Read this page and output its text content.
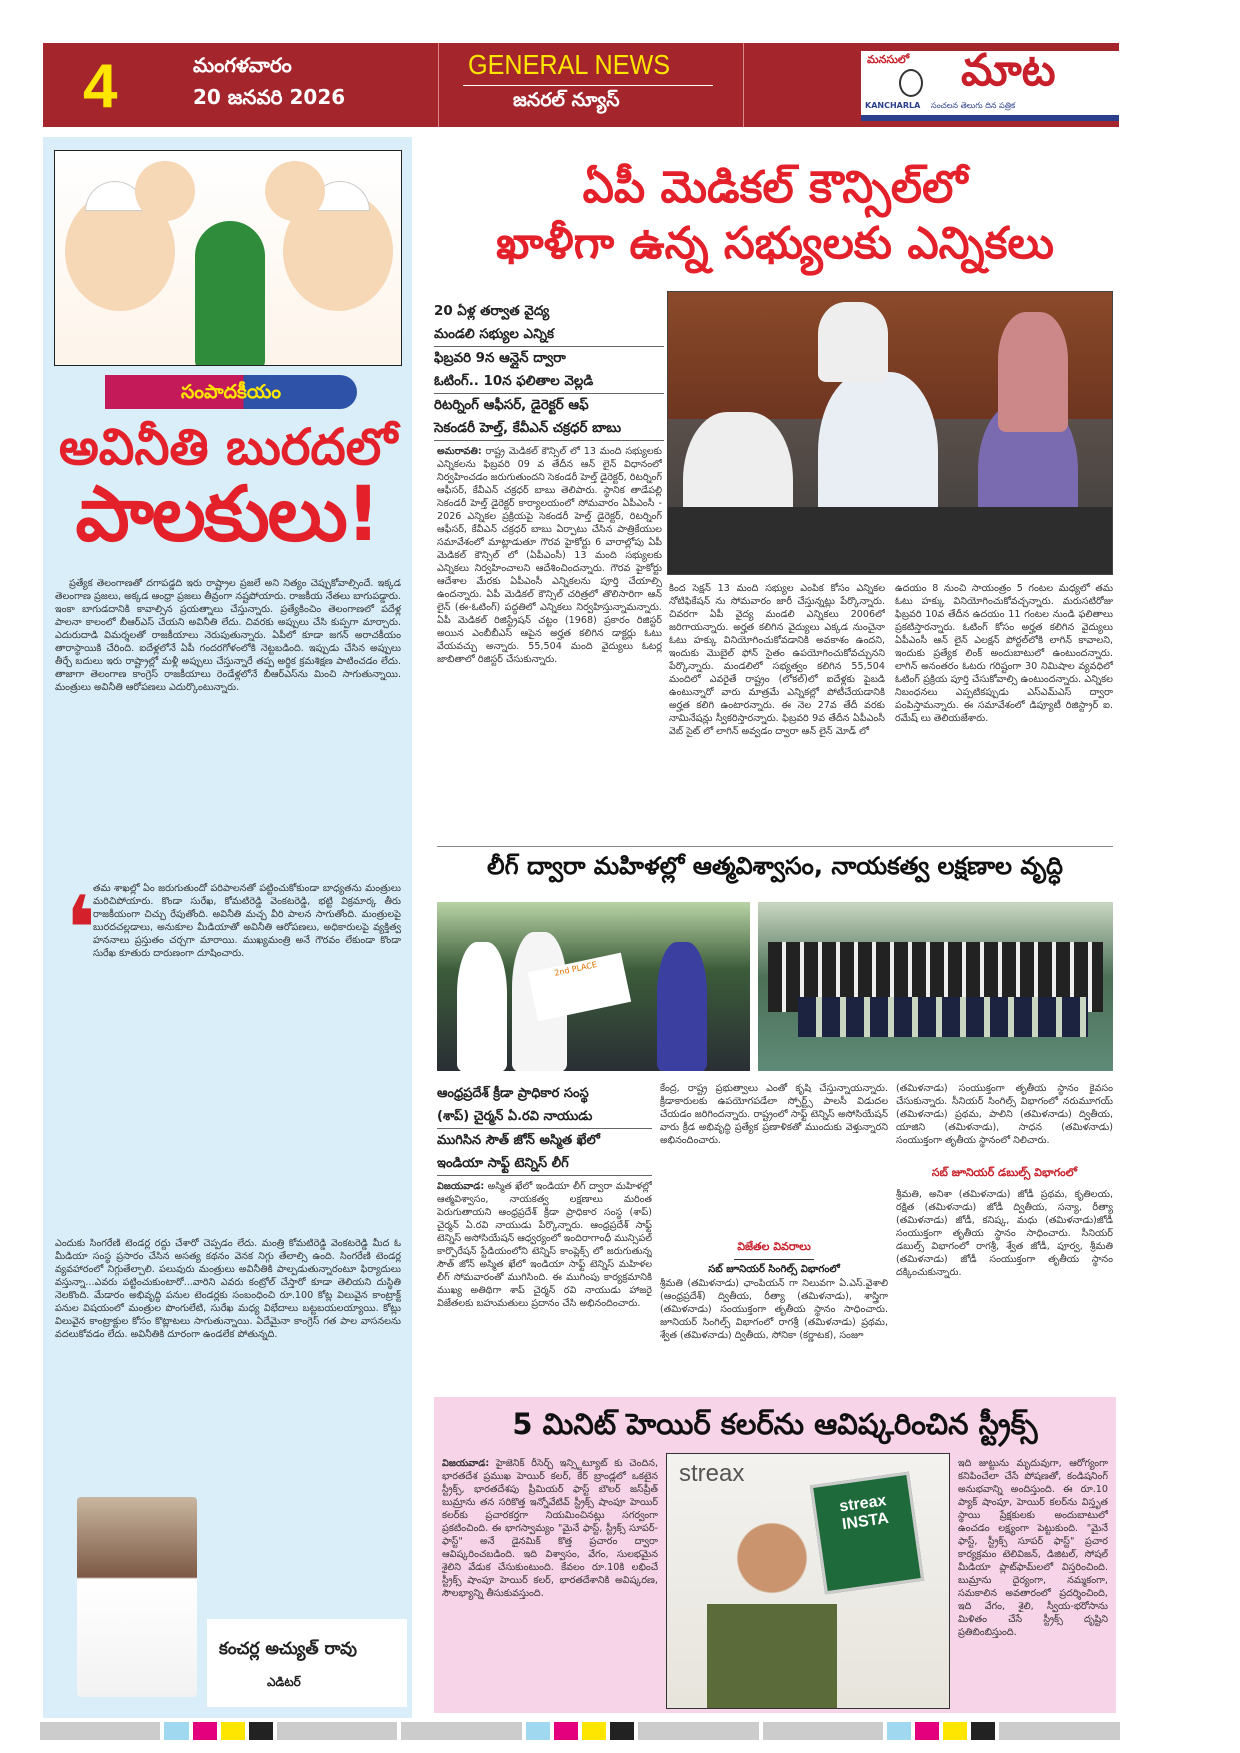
4	మంగళవారం
20 జనవరి 2026
GENERAL NEWS
జనరల్ న్యూస్
మనసులో మాట
KANCHARLA సంచలన తెలుగు దిన పత్రిక
సంపాదకీయం
అవినీతి బురదలో
పాలకులు!
ప్రత్యేక తెలంగాణతో దగాపడ్డది ఇరు రాష్ట్రాల ప్రజలే అని నిత్యం చెప్పుకోవాల్సిందే. ఇక్కడ తెలంగాణ ప్రజలు, అక్కడ ఆంధ్రా ప్రజలు తీవ్రంగా నష్టపోయారు. రాజకీయ నేతలు బాగుపడ్డారు. ఇంకా బాగుడదానికి కావాల్సిన ప్రయత్నాలు చేస్తున్నారు. ప్రత్యేకించిం తెలంగాణలో పదేళ్ల పాలనా కాలంలో బీఆర్‌ఎస్ చేయని అవినీతి లేదు. చివరకు అప్పులు చేసి కుప్పగా మార్చారు. ఎదురుదాడి విమర్శలతో రాజకీయాలు నెరుపుతున్నారు. ఏపీలో కూడా జగన్ అరాచకీయం తారాస్థాయికి చేరింది. ఐదేళ్లలోనే ఏపీ గందరగోళంలోకి నెట్టబడింది. ఇప్పుడు చేసిన అప్పులు తీర్చే బదులు ఇరు రాష్ట్రాల్లో మళ్లీ అప్పులు చేస్తున్నారే తప్ప అర్థిక క్రమశిక్షణ పాటించడం లేదు. తాజాగా తెలంగాణ కాంగ్రెస్ రాజకీయాలు రెండేళ్లలోనే బీఆర్‌ఎస్‌ను మించి సాగుతున్నాయి. మంత్రులు అవినీతి ఆరోపణలు ఎదుర్కొంటున్నారు.
❛
తమ శాఖల్లో ఏం జరుగుతుందో పరిపాలనతో పట్టించుకోకుండా బాధ్యతను మంత్రులు మరిచిపోయారు. కొండా సురేఖ, కోమటిరెడ్డి వెంకటరెడ్డి, భట్టి విక్రమార్క తీరు రాజకీయంగా చిచ్చు రేపుతోంది. అవినీతి మచ్చ వీరి పాలన సాగుతోంది. మంత్రులపై బురదచల్లడాలు, అనుకూల మీడియాతో అవినీతి ఆరోపణలు, అధికారులపై వ్యక్తిత్వ హననాలు ప్రస్తుతం చర్చగా మారాయి. ముఖ్యమంత్రి అనే గౌరవం లేకుండా కొండా సురేఖ కూతురు దారుణంగా దూషించారు.
ఎందుకు సింగరేణి టెండర్ల రద్దు చేశారో చెప్పడం లేదు. మంత్రి కోమటిరెడ్డి వెంకటరెడ్డి మీద ఓ మీడియా సంస్థ ప్రసారం చేసిన అసత్య కథనం వెనక నిగ్గు తేలాల్సి ఉంది. సింగరేణి టెండర్ల వ్యవహారంలో నిగ్గుతేల్చాలి. పలువురు మంత్రులు అవినీతికి పాల్పడుతున్నారంటూ ఫిర్యాదులు వస్తున్నా...ఎవరు పట్టించుకుంటారో...వారిని ఎవరు కంట్రోల్ చేస్తారో కూడా తెలియని దుస్థితి నెలకొంది. మేడారం అభివృద్ధి పనుల టెండర్లకు సంబంధించి రూ.100 కోట్ల విలువైన కాంట్రాక్ట్ పనుల విషయంలో మంత్రుల పొంగులేటి, సురేఖ మధ్య విభేదాలు బట్టబయలయ్యాయి. కోట్లు విలువైన కాంట్రాక్టుల కోసం కొట్లాటలు సాగుతున్నాయి. ఏదేమైనా కాంగ్రెస్ గత పాల వాసనలను వదలుకోవడం లేదు. అవినీతికి దూరంగా ఉండలేక పోతున్నది.
కంచర్ల అచ్యుత్ రావు
ఎడిటర్
ఏపీ మెడికల్ కౌన్సిల్‌లో
ఖాళీగా ఉన్న సభ్యులకు ఎన్నికలు
20 ఏళ్ల తర్వాత వైద్య
మండలి సభ్యుల ఎన్నిక
ఫిబ్రవరి 9న ఆన్లైన్ ద్వారా
ఓటింగ్.. 10న ఫలితాల వెల్లడి
రిటర్నింగ్ ఆఫీసర్, డైరెక్టర్ ఆఫ్
సెకండరీ హెల్త్, కేవీఎన్ చక్రధర్ బాబు
అమరావతి: రాష్ట్ర మెడికల్ కౌన్సిల్ లో 13 మంది సభ్యులకు ఎన్నికలను ఫిబ్రవరి 09 వ తేదీన ఆన్ లైన్ విధానంలో నిర్వహించడం జరుగుతుందని సెకండరీ హెల్త్ డైరెక్టర్, రిటర్నింగ్ ఆఫీసర్, కేవీఎన్ చక్రధర్ బాబు తెలిపారు. స్థానిక తాడేపల్లి సెకండరీ హెల్త్ డైరెక్టర్ కార్యాలయంలో సోమవారం ఏపీఎంసీ - 2026 ఎన్నికల ప్రక్రియపై సెకండరీ హెల్త్ డైరెక్టర్, రిటర్నింగ్ ఆఫీసర్, కేవీఎన్ చక్రధర్ బాబు ఏర్పాటు చేసిన పాత్రికేయుల సమావేశంలో మాట్లాడుతూ గౌరవ హైకోర్టు 6 వారాల్లోపు ఏపీ మెడికల్ కౌన్సిల్ లో (ఏపీఎంసీ) 13 మంది సభ్యులకు ఎన్నికలు నిర్వహించాలని ఆదేశించిందన్నారు. గౌరవ హైకోర్టు ఆదేశాల మేరకు ఏపీఎంసీ ఎన్నికలను పూర్తి చేయాల్సి ఉందన్నారు. ఏపీ మెడికల్ కౌన్సిల్ చరిత్రలో తొలిసారిగా ఆన్ లైన్ (ఈ-ఓటింగ్) పద్ధతిలో ఎన్నికలు నిర్వహిస్తున్నామన్నారు. ఏపీ మెడికల్ రిజిస్ట్రేషన్ చట్టం (1968) ప్రకారం రిజిస్టర్ అయిన ఎంబీబీఎస్ ఆపైన అర్హత కలిగిన డాక్టర్లు ఓటు వేయవచ్చు అన్నారు. 55,504 మంది వైద్యులు ఓటర్ల జాబితాలో రిజిస్టర్ చేసుకున్నారు.
కింద సెక్షన్ 13 మంది సభ్యుల ఎంపిక కోసం ఎన్నికల నోటిఫికేషన్ ను సోమవారం జారీ చేస్తున్నట్లు పేర్కొన్నారు. చివరగా ఏపీ వైద్య మండలి ఎన్నికలు 2006లో జరిగాయన్నారు. అర్హత కలిగిన వైద్యులు ఎక్కడ నుంచైనా ఓటు హక్కు వినియోగించుకోవడానికి అవకాశం ఉందని, ఇందుకు మొబైల్ ఫోన్ సైతం ఉపయోగించుకోవచ్చునని పేర్కొన్నారు. మండలిలో సభ్యత్వం కలిగిన 55,504 మందిలో ఎవరైతే రాష్ట్రం (లోకల్)లో ఐదేళ్లకు పైబడి ఉంటున్నారో వారు మాత్రమే ఎన్నికల్లో పోటీచేయడానికి అర్హత కలిగి ఉంటారన్నారు. ఈ నెల 27వ తేదీ వరకు నామినేషన్లు స్వీకరిస్తారన్నారు. ఫిబ్రవరి 9వ తేదీన ఏపీఎంసీ వెబ్ సైట్ లో లాగిన్ అవ్వడం ద్వారా ఆన్ లైన్ మోడ్ లో
ఉదయం 8 నుంచి సాయంత్రం 5 గంటల మధ్యలో తమ ఓటు హక్కు వినియోగించుకోవచ్చన్నారు. మరుసటిరోజు ఫిబ్రవరి 10వ తేదీన ఉదయం 11 గంటల నుండి ఫలితాలు ప్రకటిస్తారన్నారు. ఓటింగ్ కోసం అర్హత కలిగిన వైద్యులు ఏపీఎంసీ ఆన్ లైన్ ఎలక్షన్ పోర్టల్‌లోకి లాగిన్ కావాలని, ఇందుకు ప్రత్యేక లింక్ అందుబాటులో ఉంటుందన్నారు. లాగిన్ అనంతరం ఓటరు గరిష్టంగా 30 నిమిషాల వ్యవధిలో ఓటింగ్ ప్రక్రియ పూర్తి చేసుకోవాల్సి ఉంటుందన్నారు. ఎన్నికల నిబంధనలు ఎప్పటికప్పుడు ఎస్ఎమ్ఎస్ ద్వారా పంపిస్తామన్నారు. ఈ సమావేశంలో డిప్యూటీ రిజిస్ట్రార్ ఐ. రమేష్ లు తెలియజేశారు.
లీగ్ ద్వారా మహిళల్లో ఆత్మవిశ్వాసం, నాయకత్వ లక్షణాల వృద్ధి
2nd PLACE
ఆంధ్రప్రదేశ్ క్రీడా ప్రాధికార సంస్థ
(శాప్) చైర్మన్ ఏ.రవి నాయుడు
ముగిసిన సౌత్ జోన్ అస్మిత ఖేలో
ఇండియా సాఫ్ట్ టెన్నిస్ లీగ్
విజయవాడ: అస్మిత ఖేలో ఇండియా లీగ్ ద్వారా మహిళల్లో ఆత్మవిశ్వాసం, నాయకత్వ లక్షణాలు మరింత పెరుగుతాయని ఆంధ్రప్రదేశ్ క్రీడా ప్రాధికార సంస్థ (శాప్) చైర్మన్ ఏ.రవి నాయుడు పేర్కొన్నారు. ఆంధ్రప్రదేశ్ సాఫ్ట్ టెన్నిస్ అసోసియేషన్ ఆధ్వర్యంలో ఇందిరాగాంధీ మున్సిపల్ కార్పొరేషన్ స్టేడియంలోని టెన్నిస్ కాంప్లెక్స్ లో జరుగుతున్న సౌత్ జోన్ అస్మిత ఖేలో ఇండియా సాఫ్ట్ టెన్నిస్ మహిళల లీగ్ సోమవారంతో ముగిసింది. ఈ ముగింపు కార్యక్రమానికి ముఖ్య అతిథిగా శాప్ చైర్మన్ రవి నాయుడు హాజరై విజేతలకు బహుమతులు ప్రదానం చేసి అభినందించారు.
కేంద్ర, రాష్ట్ర ప్రభుత్వాలు ఎంతో కృషి చేస్తున్నాయన్నారు. క్రీడాకారులకు ఉపయోగపడేలా స్పోర్ట్స్ పాలసీ విడుదల చేయడం జరిగిందన్నారు. రాష్ట్రంలో సాఫ్ట్ టెన్నిస్ అసోసియేషన్ వారు క్రీడ అభివృద్ధి ప్రత్యేక ప్రణాళికతో ముందుకు వెళ్తున్నారని అభినందించారు.
విజేతల వివరాలు
సబ్ జూనియర్ సింగిల్స్ విభాగంలో
శ్రీమతి (తమిళనాడు) ఛాంపియన్ గా నిలువగా ఏ.ఎస్.వైశాలి (ఆంధ్రప్రదేశ్) ద్వితీయ, రీత్యా (తమిళనాడు), శాస్త్రిగా (తమిళనాడు) సంయుక్తంగా తృతీయ స్థానం సాధించారు. జూనియర్ సింగిల్స్ విభాగంలో రాగశ్రీ (తమిళనాడు) ప్రథమ, శ్వేత (తమిళనాడు) ద్వితీయ, సోనికా (కర్ణాటక), సంజూ
(తమిళనాడు) సంయుక్తంగా తృతీయ స్థానం కైవసం చేసుకున్నారు. సీనియర్ సింగిల్స్ విభాగంలో నరుమూగయ్ (తమిళనాడు) ప్రథమ, పాలిని (తమిళనాడు) ద్వితీయ, యాజిని (తమిళనాడు), సాధన (తమిళనాడు) సంయుక్తంగా తృతీయ స్థానంలో నిలిచారు.
సబ్ జూనియర్ డబుల్స్ విభాగంలో
శ్రీమతి, అనిశా (తమిళనాడు) జోడీ ప్రథమ, కృతిలయ, రక్షిత (తమిళనాడు) జోడీ ద్వితీయ, సన్యా, రీత్యా (తమిళనాడు) జోడీ, కనిష్క, మధు (తమిళనాడు)జోడీ సంయుక్తంగా తృతీయ స్థానం సాధించారు. సీనియర్ డబుల్స్ విభాగంలో రాగశ్రీ, శ్వేత జోడీ, పూర్వ, శ్రీమతి (తమిళనాడు) జోడీ సంయుక్తంగా తృతీయ స్థానం దక్కించుకున్నారు.
5 మినిట్ హెయిర్ కలర్‌ను ఆవిష్కరించిన స్ట్రీక్స్
విజయవాడ: హైజెనిక్ రీసెర్చ్ ఇన్స్టిట్యూట్ కు చెందిన, భారతదేశ ప్రముఖ హెయిర్ కలర్, కేర్ బ్రాండ్లలో ఒకటైన స్ట్రీక్స్, భారతదేశపు ప్రీమియర్ ఫాస్ట్ బౌలర్ జస్‌ప్రీత్ బుమ్రాను తన సరికొత్త ఇన్నోవేటివ్ స్ట్రీక్స్ షాంపూ హెయిర్ కలర్‌కు ప్రచారకర్తగా నియమించినట్లు సగర్వంగా ప్రకటించింది. ఈ భాగస్వామ్యం "మైనే ఫాస్ట్, స్ట్రీక్స్ సూపర్-ఫాస్ట్" అనే డైనమిక్ కొత్త ప్రచారం ద్వారా ఆవిష్కరించబడింది. ఇది విశ్వాసం, వేగం, సులభమైన శైలిని వేడుక చేసుకుంటుంది. కేవలం రూ.10కి లభించే స్ట్రీక్స్ షాంపూ హెయిర్ కలర్, భారతదేశానికి అవిష్కరణ, సౌలభ్యాన్ని తీసుకువస్తుంది.
streax
streax INSTA
ఇది జుట్టును మృదువుగా, ఆరోగ్యంగా కనిపించేలా చేసే పోషణతో, కండిషనింగ్ అనుభవాన్ని అందిస్తుంది. ఈ రూ.10 ప్యాక్ షాంపూ, హెయిర్ కలర్‌ను విస్తృత స్థాయి ప్రేక్షకులకు అందుబాటులో ఉంచడం లక్ష్యంగా పెట్టుకుంది. "మైనే ఫాస్ట్, స్ట్రీక్స్ సూపర్ ఫాస్ట్" ప్రచార కార్యక్రమం టెలివిజన్, డిజిటల్, సోషల్ మీడియా ప్లాట్‌ఫామ్‌లలో విస్తరించింది. బుమ్రాను దైర్యంగా, నమ్మకంగా, సమకాలిన అవతారంలో ప్రదర్శించింది, ఇది వేగం, శైలి, స్వీయ-భరోసాను మిళితం చేసే స్ట్రీక్స్ దృష్టిని ప్రతిబింబిస్తుంది.
